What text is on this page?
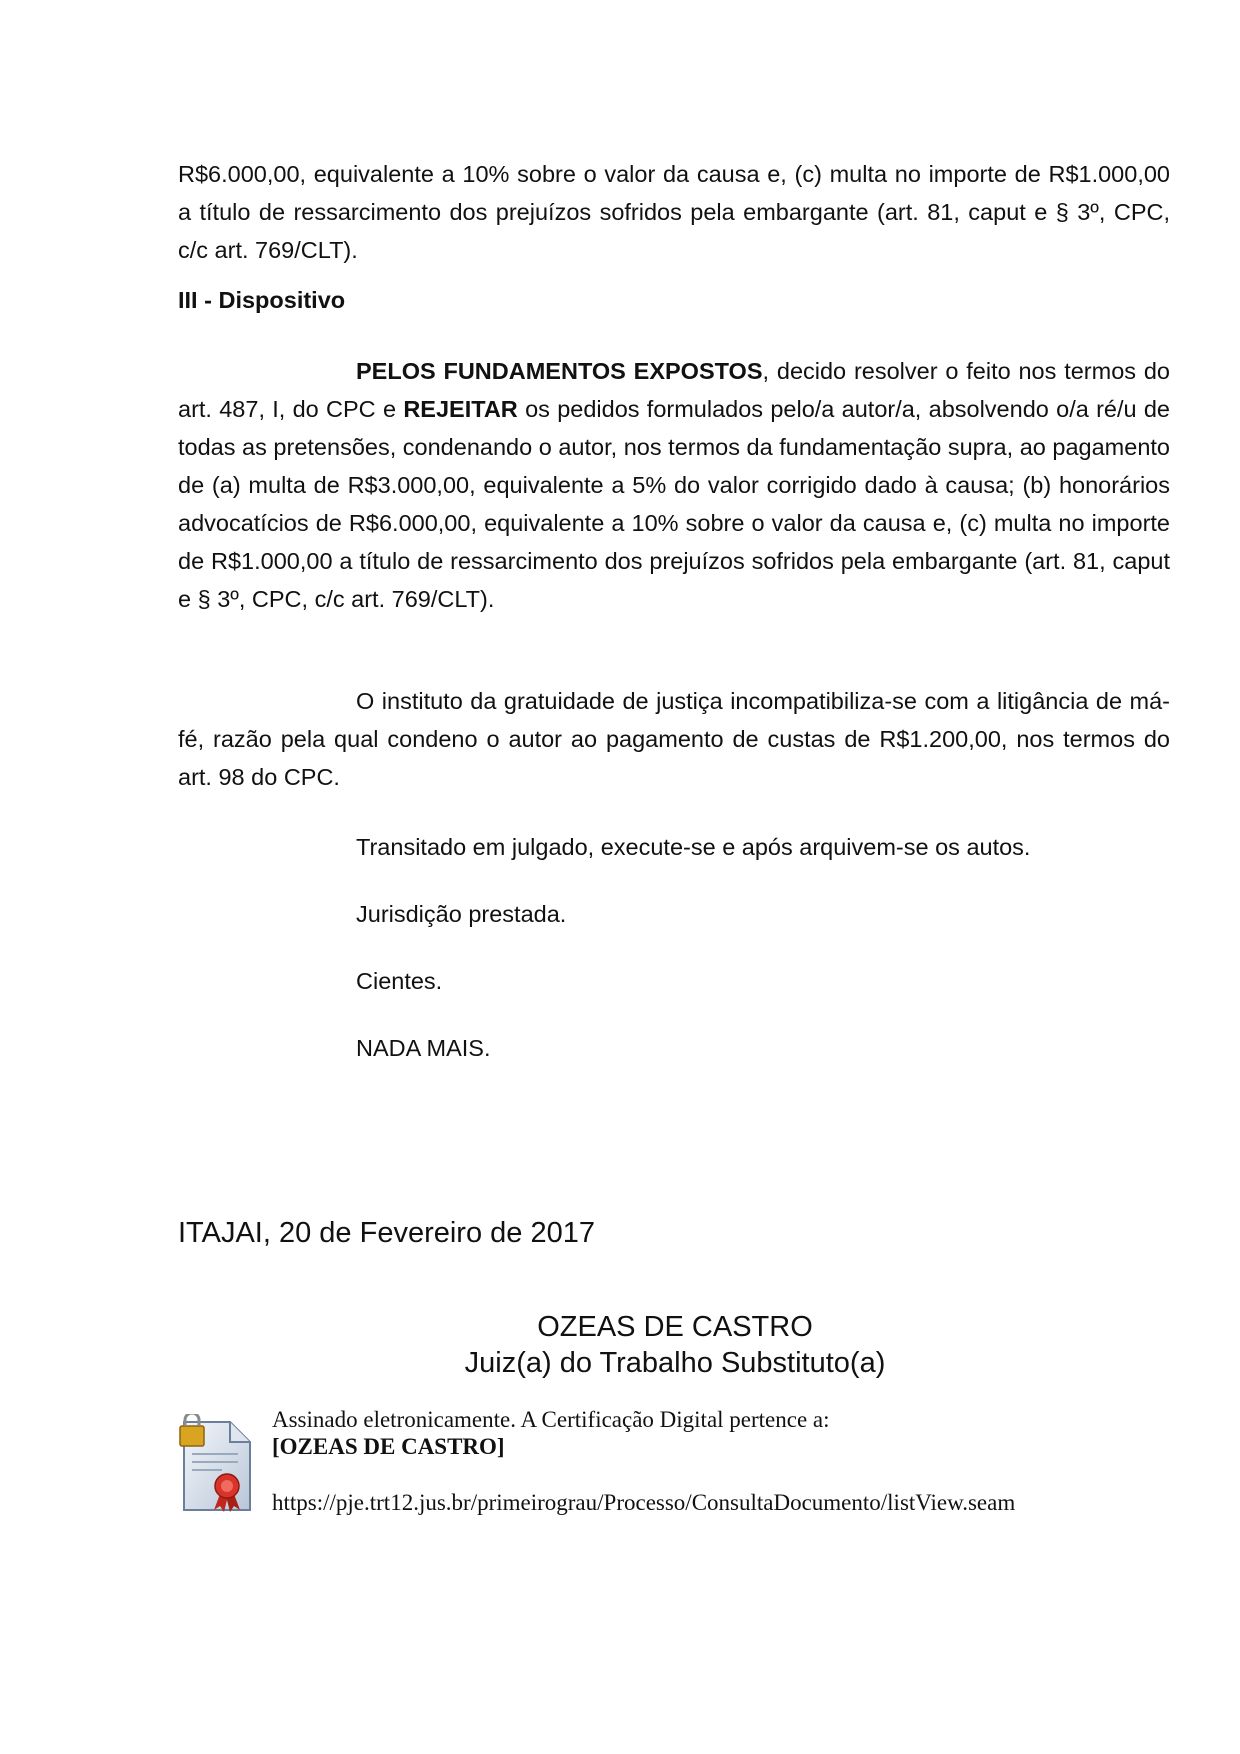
R$6.000,00, equivalente a 10% sobre o valor da causa e, (c) multa no importe de R$1.000,00 a título de ressarcimento dos prejuízos sofridos pela embargante (art. 81, caput e § 3º, CPC, c/c art. 769/CLT).

III - Dispositivo

PELOS FUNDAMENTOS EXPOSTOS, decido resolver o feito nos termos do art. 487, I, do CPC e REJEITAR os pedidos formulados pelo/a autor/a, absolvendo o/a ré/u de todas as pretensões, condenando o autor, nos termos da fundamentação supra, ao pagamento de (a) multa de R$3.000,00, equivalente a 5% do valor corrigido dado à causa; (b) honorários advocatícios de R$6.000,00, equivalente a 10% sobre o valor da causa e, (c) multa no importe de R$1.000,00 a título de ressarcimento dos prejuízos sofridos pela embargante (art. 81, caput e § 3º, CPC, c/c art. 769/CLT).

O instituto da gratuidade de justiça incompatibiliza-se com a litigância de má-fé, razão pela qual condeno o autor ao pagamento de custas de R$1.200,00, nos termos do art. 98 do CPC.

Transitado em julgado, execute-se e após arquivem-se os autos.

Jurisdição prestada.

Cientes.

NADA MAIS.

ITAJAI, 20 de Fevereiro de 2017

OZEAS DE CASTRO

Juiz(a) do Trabalho Substituto(a)

Assinado eletronicamente. A Certificação Digital pertence a:

[OZEAS DE CASTRO]

https://pje.trt12.jus.br/primeirograu/Processo/ConsultaDocumento/listView.seam
